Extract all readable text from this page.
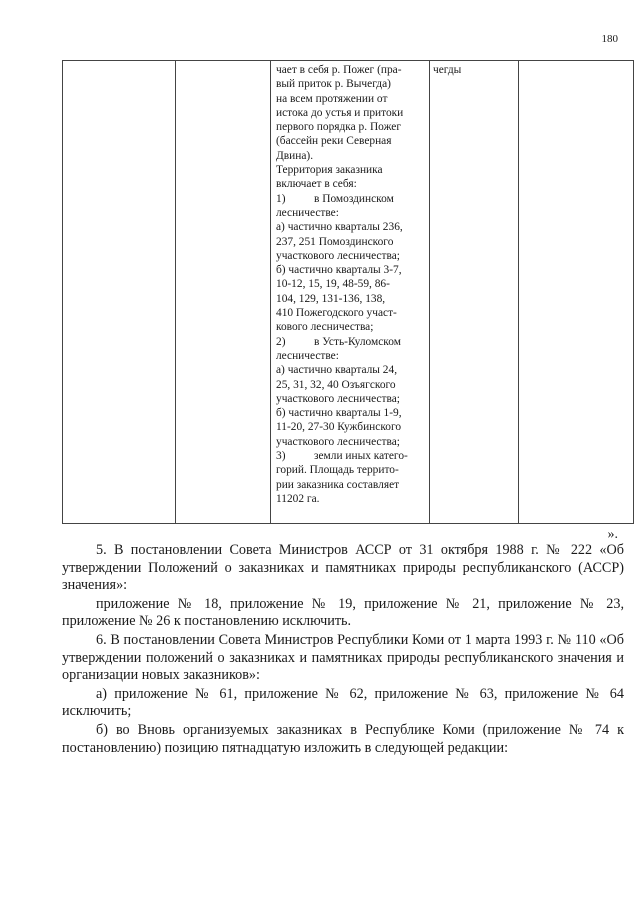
180

чает в себя р. Пожег (пра-
вый приток р. Вычегда)
на всем протяжении от
истока до устья и притоки
первого порядка р. Пожег
(бассейн реки Северная
Двина).
Территория заказника
включает в себя:
1)	в Помоздинском
лесничестве:
а) частично кварталы 236,
237, 251 Помоздинского
участкового лесничества;
б) частично кварталы 3-7,
10-12, 15, 19, 48-59, 86-
104, 129, 131-136, 138,
410 Пожегодского участ-
кового лесничества;
2)	в Усть-Куломском
лесничестве:
а) частично кварталы 24,
25, 31, 32, 40 Озъягского
участкового лесничества;
б) частично кварталы 1-9,
11-20, 27-30 Кужбинского
участкового лесничества;
3)	земли иных катего-
горий. Площадь террито-
рии заказника составляет
11202 га.
	чегды	
».

5. В постановлении Совета Министров АССР от 31 октября 1988 г. № 222 «Об утверждении Положений о заказниках и памятниках природы республиканского (АССР) значения»:

приложение № 18, приложение № 19, приложение № 21, приложение № 23, приложение № 26 к постановлению исключить.

6. В постановлении Совета Министров Республики Коми от 1 марта 1993 г. № 110 «Об утверждении положений о заказниках и памятниках природы республиканского значения и организации новых заказников»:

а) приложение № 61, приложение № 62, приложение № 63, приложение № 64 исключить;

б) во Вновь организуемых заказниках в Республике Коми (приложение № 74 к постановлению) позицию пятнадцатую изложить в следующей редакции:
